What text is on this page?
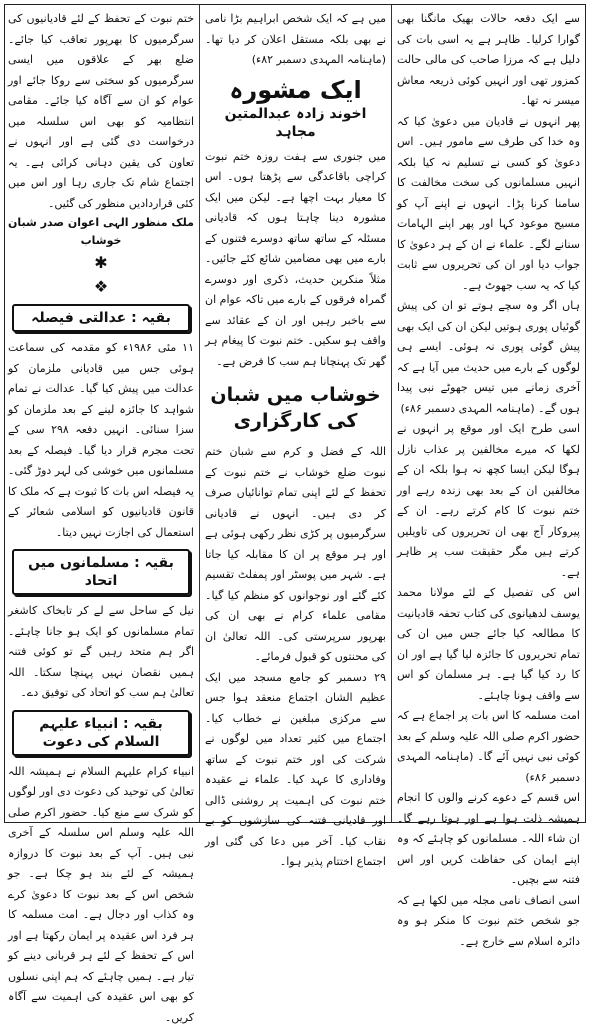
سے ایک دفعہ حالات بھیک مانگنا بھی گوارا کرلیا۔ ظاہر ہے یہ اسی بات کی دلیل ہے کہ مرزا صاحب کی مالی حالت کمزور تھی اور انہیں کوئی ذریعہ معاش میسر نہ تھا۔

پھر انہوں نے قادیان میں دعویٰ کیا کہ وہ خدا کی طرف سے مامور ہیں۔ اس دعویٰ کو کسی نے تسلیم نہ کیا بلکہ انہیں مسلمانوں کی سخت مخالفت کا سامنا کرنا پڑا۔ انہوں نے اپنے آپ کو مسیح موعود کہا اور پھر اپنے الہامات سنانے لگے۔ علماء نے ان کے ہر دعویٰ کا جواب دیا اور ان کی تحریروں سے ثابت کیا کہ یہ سب جھوٹ ہے۔

ہاں اگر وہ سچے ہوتے تو ان کی پیش گوئیاں پوری ہوتیں لیکن ان کی ایک بھی پیش گوئی پوری نہ ہوئی۔ ایسے ہی لوگوں کے بارے میں حدیث میں آیا ہے کہ آخری زمانے میں تیس جھوٹے نبی پیدا ہوں گے۔ (ماہنامہ المہدی دسمبر ۸۶ء)

اسی طرح ایک اور موقع پر انہوں نے لکھا کہ میرے مخالفین پر عذاب نازل ہوگا لیکن ایسا کچھ نہ ہوا بلکہ ان کے مخالفین ان کے بعد بھی زندہ رہے اور ختم نبوت کا کام کرتے رہے۔ ان کے پیروکار آج بھی ان تحریروں کی تاویلیں کرتے ہیں مگر حقیقت سب پر ظاہر ہے۔

اس کی تفصیل کے لئے مولانا محمد یوسف لدھیانوی کی کتاب تحفہ قادیانیت کا مطالعہ کیا جائے جس میں ان کی تمام تحریروں کا جائزہ لیا گیا ہے اور ان کا رد کیا گیا ہے۔ ہر مسلمان کو اس سے واقف ہونا چاہئے۔

امت مسلمہ کا اس بات پر اجماع ہے کہ حضور اکرم صلی اللہ علیہ وسلم کے بعد کوئی نبی نہیں آئے گا۔ (ماہنامہ المہدی دسمبر ۸۶ء)

اس قسم کے دعوے کرنے والوں کا انجام ہمیشہ ذلت ہوا ہے اور ہوتا رہے گا۔ ان شاء اللہ۔ مسلمانوں کو چاہئے کہ وہ اپنے ایمان کی حفاظت کریں اور اس فتنہ سے بچیں۔

اسی انصاف نامی مجلہ میں لکھا ہے کہ جو شخص ختم نبوت کا منکر ہو وہ دائرہ اسلام سے خارج ہے۔

میں ہے کہ ایک شخص ابراہیم بڑا نامی نے بھی بلکہ مستقل اعلان کر دیا تھا۔ (ماہنامہ المہدی دسمبر ۸۲ء)

ایک مشورہ
اخوند زادہ عبدالمتین مجاہد

میں جنوری سے ہفت روزہ ختم نبوت کراچی باقاعدگی سے پڑھتا ہوں۔ اس کا معیار بہت اچھا ہے۔ لیکن میں ایک مشورہ دینا چاہتا ہوں کہ قادیانی مسئلہ کے ساتھ ساتھ دوسرے فتنوں کے بارے میں بھی مضامین شائع کئے جائیں۔ مثلاً منکرین حدیث، ذکری اور دوسرے گمراہ فرقوں کے بارے میں تاکہ عوام ان سے باخبر رہیں اور ان کے عقائد سے واقف ہو سکیں۔ ختم نبوت کا پیغام ہر گھر تک پہنچانا ہم سب کا فرض ہے۔

خوشاب میں شبان کی کارگزاری

اللہ کے فضل و کرم سے شبان ختم نبوت ضلع خوشاب نے ختم نبوت کے تحفظ کے لئے اپنی تمام توانائیاں صرف کر دی ہیں۔ انہوں نے قادیانی سرگرمیوں پر کڑی نظر رکھی ہوئی ہے اور ہر موقع پر ان کا مقابلہ کیا جاتا ہے۔ شہر میں پوسٹر اور پمفلٹ تقسیم کئے گئے اور نوجوانوں کو منظم کیا گیا۔ مقامی علماء کرام نے بھی ان کی بھرپور سرپرستی کی۔ اللہ تعالیٰ ان کی محنتوں کو قبول فرمائے۔

۲۹ دسمبر کو جامع مسجد میں ایک عظیم الشان اجتماع منعقد ہوا جس سے مرکزی مبلغین نے خطاب کیا۔ اجتماع میں کثیر تعداد میں لوگوں نے شرکت کی اور ختم نبوت کے ساتھ وفاداری کا عہد کیا۔ علماء نے عقیدہ ختم نبوت کی اہمیت پر روشنی ڈالی اور قادیانی فتنہ کی سازشوں کو بے نقاب کیا۔ آخر میں دعا کی گئی اور اجتماع اختتام پذیر ہوا۔

ختم نبوت کے تحفظ کے لئے قادیانیوں کی سرگرمیوں کا بھرپور تعاقب کیا جائے۔ ضلع بھر کے علاقوں میں ایسی سرگرمیوں کو سختی سے روکا جائے اور عوام کو ان سے آگاہ کیا جائے۔ مقامی انتظامیہ کو بھی اس سلسلہ میں درخواست دی گئی ہے اور انہوں نے تعاون کی یقین دہانی کرائی ہے۔ یہ اجتماع شام تک جاری رہا اور اس میں کئی قراردادیں منظور کی گئیں۔

ملک منظور الہی اعوان صدر شبان خوشاب
✱
❖
بقیہ : عدالتی فیصلہ

۱۱ مئی ۱۹۸۶ء کو مقدمہ کی سماعت ہوئی جس میں قادیانی ملزمان کو عدالت میں پیش کیا گیا۔ عدالت نے تمام شواہد کا جائزہ لینے کے بعد ملزمان کو سزا سنائی۔ انہیں دفعہ ۲۹۸ سی کے تحت مجرم قرار دیا گیا۔ فیصلہ کے بعد مسلمانوں میں خوشی کی لہر دوڑ گئی۔ یہ فیصلہ اس بات کا ثبوت ہے کہ ملک کا قانون قادیانیوں کو اسلامی شعائر کے استعمال کی اجازت نہیں دیتا۔

بقیہ : مسلمانوں میں اتحاد

نیل کے ساحل سے لے کر تابخاک کاشغر تمام مسلمانوں کو ایک ہو جانا چاہئے۔ اگر ہم متحد رہیں گے تو کوئی فتنہ ہمیں نقصان نہیں پہنچا سکتا۔ اللہ تعالیٰ ہم سب کو اتحاد کی توفیق دے۔

بقیہ : انبیاء علیہم السلام کی دعوت

انبیاء کرام علیہم السلام نے ہمیشہ اللہ تعالیٰ کی توحید کی دعوت دی اور لوگوں کو شرک سے منع کیا۔ حضور اکرم صلی اللہ علیہ وسلم اس سلسلہ کے آخری نبی ہیں۔ آپ کے بعد نبوت کا دروازہ ہمیشہ کے لئے بند ہو چکا ہے۔ جو شخص اس کے بعد نبوت کا دعویٰ کرے وہ کذاب اور دجال ہے۔ امت مسلمہ کا ہر فرد اس عقیدہ پر ایمان رکھتا ہے اور اس کے تحفظ کے لئے ہر قربانی دینے کو تیار ہے۔ ہمیں چاہئے کہ ہم اپنی نسلوں کو بھی اس عقیدہ کی اہمیت سے آگاہ کریں۔
